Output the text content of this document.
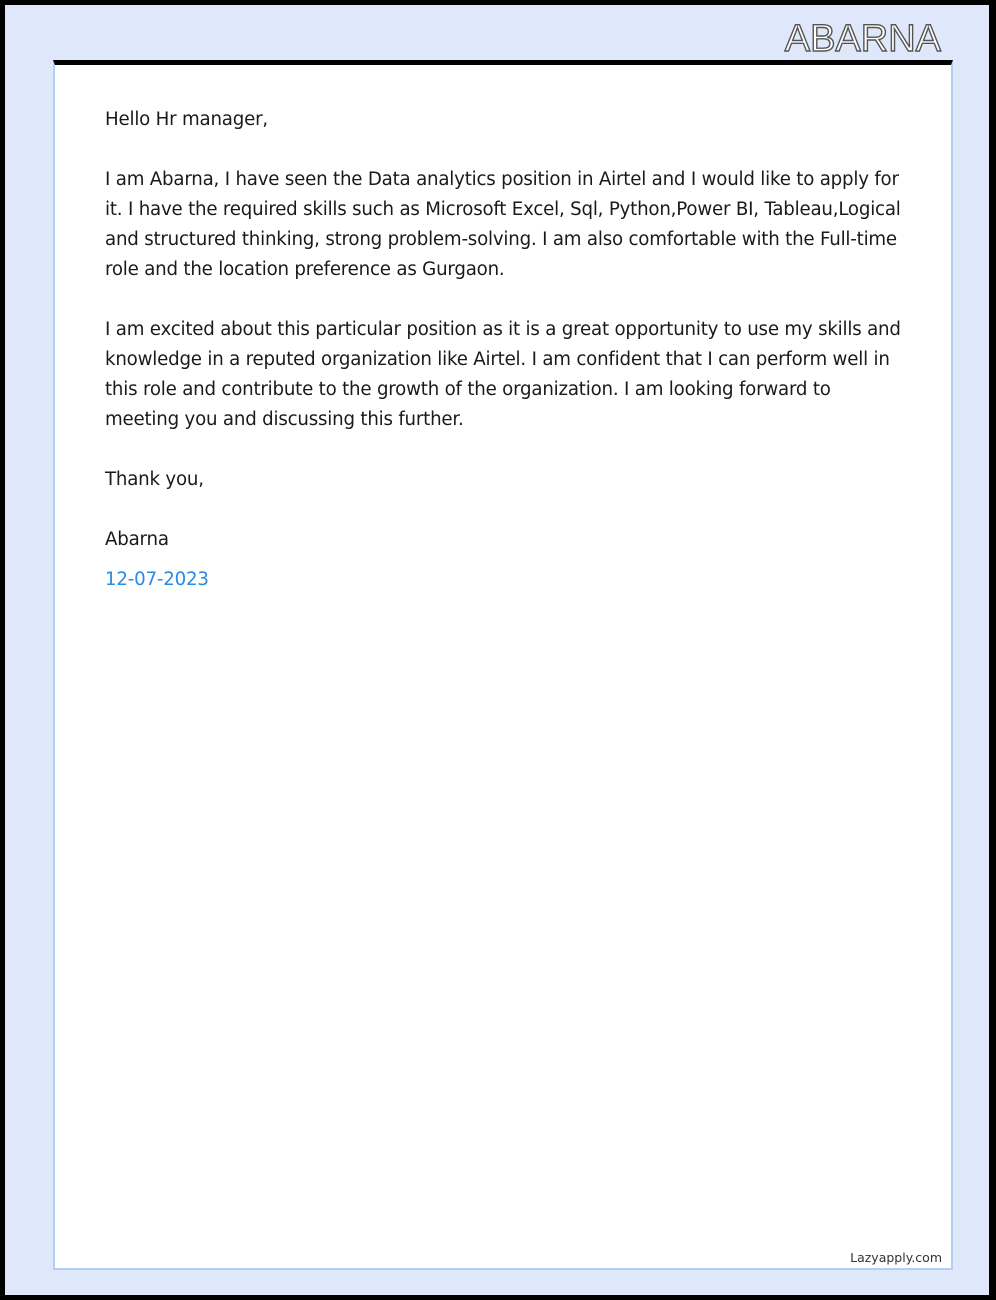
ABARNA

Hello Hr manager,

I am Abarna, I have seen the Data analytics position in Airtel and I would like to apply for it. I have the required skills such as Microsoft Excel, Sql, Python,Power BI, Tableau,Logical and structured thinking, strong problem-solving. I am also comfortable with the Full-time role and the location preference as Gurgaon.

I am excited about this particular position as it is a great opportunity to use my skills and knowledge in a reputed organization like Airtel. I am confident that I can perform well in this role and contribute to the growth of the organization. I am looking forward to meeting you and discussing this further.

Thank you,

Abarna

12-07-2023

Lazyapply.com
